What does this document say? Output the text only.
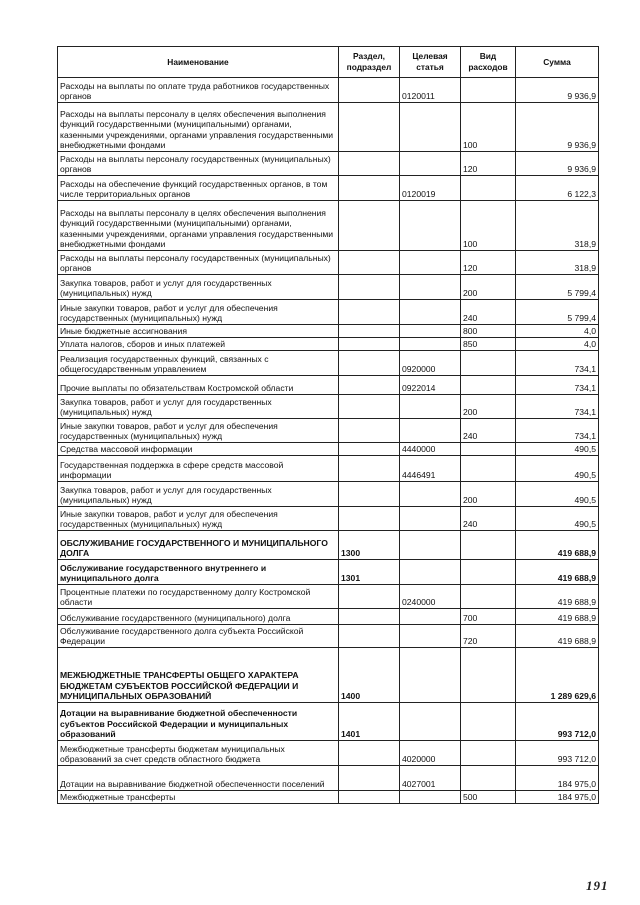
Наименование	Раздел, подраздел	Целевая статья	Вид расходов	Сумма
Расходы на выплаты по оплате труда работников государственных органов		0120011		9 936,9
Расходы на выплаты персоналу в целях обеспечения выполнения функций государственными (муниципальными) органами, казенными учреждениями, органами управления государственными внебюджетными фондами			100	9 936,9
Расходы на выплаты персоналу государственных (муниципальных) органов			120	9 936,9
Расходы на обеспечение функций государственных органов, в том числе территориальных органов		0120019		6 122,3
Расходы на выплаты персоналу в целях обеспечения выполнения функций государственными (муниципальными) органами, казенными учреждениями, органами управления государственными внебюджетными фондами			100	318,9
Расходы на выплаты персоналу государственных (муниципальных) органов			120	318,9
Закупка товаров, работ и услуг для государственных (муниципальных) нужд			200	5 799,4
Иные закупки товаров, работ и услуг для обеспечения государственных (муниципальных) нужд			240	5 799,4
Иные бюджетные ассигнования			800	4,0
Уплата налогов, сборов и иных платежей			850	4,0
Реализация государственных функций, связанных с общегосударственным управлением		0920000		734,1
Прочие выплаты по обязательствам Костромской области		0922014		734,1
Закупка товаров, работ и услуг для государственных (муниципальных) нужд			200	734,1
Иные закупки товаров, работ и услуг для обеспечения государственных (муниципальных) нужд			240	734,1
Средства массовой информации		4440000		490,5
Государственная поддержка в сфере средств массовой информации		4446491		490,5
Закупка товаров, работ и услуг для государственных (муниципальных) нужд			200	490,5
Иные закупки товаров, работ и услуг для обеспечения государственных (муниципальных) нужд			240	490,5
ОБСЛУЖИВАНИЕ ГОСУДАРСТВЕННОГО И МУНИЦИПАЛЬНОГО ДОЛГА	1300			419 688,9
Обслуживание государственного внутреннего и муниципального долга	1301			419 688,9
Процентные платежи по государственному долгу Костромской области		0240000		419 688,9
Обслуживание государственного (муниципального) долга			700	419 688,9
Обслуживание государственного долга субъекта Российской Федерации			720	419 688,9
МЕЖБЮДЖЕТНЫЕ ТРАНСФЕРТЫ ОБЩЕГО ХАРАКТЕРА БЮДЖЕТАМ СУБЪЕКТОВ РОССИЙСКОЙ ФЕДЕРАЦИИ И МУНИЦИПАЛЬНЫХ ОБРАЗОВАНИЙ	1400			1 289 629,6
Дотации на выравнивание бюджетной обеспеченности субъектов Российской Федерации и муниципальных образований	1401			993 712,0
Межбюджетные трансферты бюджетам муниципальных образований за счет средств областного бюджета		4020000		993 712,0
Дотации на выравнивание бюджетной обеспеченности поселений		4027001		184 975,0
Межбюджетные трансферты			500	184 975,0
191
